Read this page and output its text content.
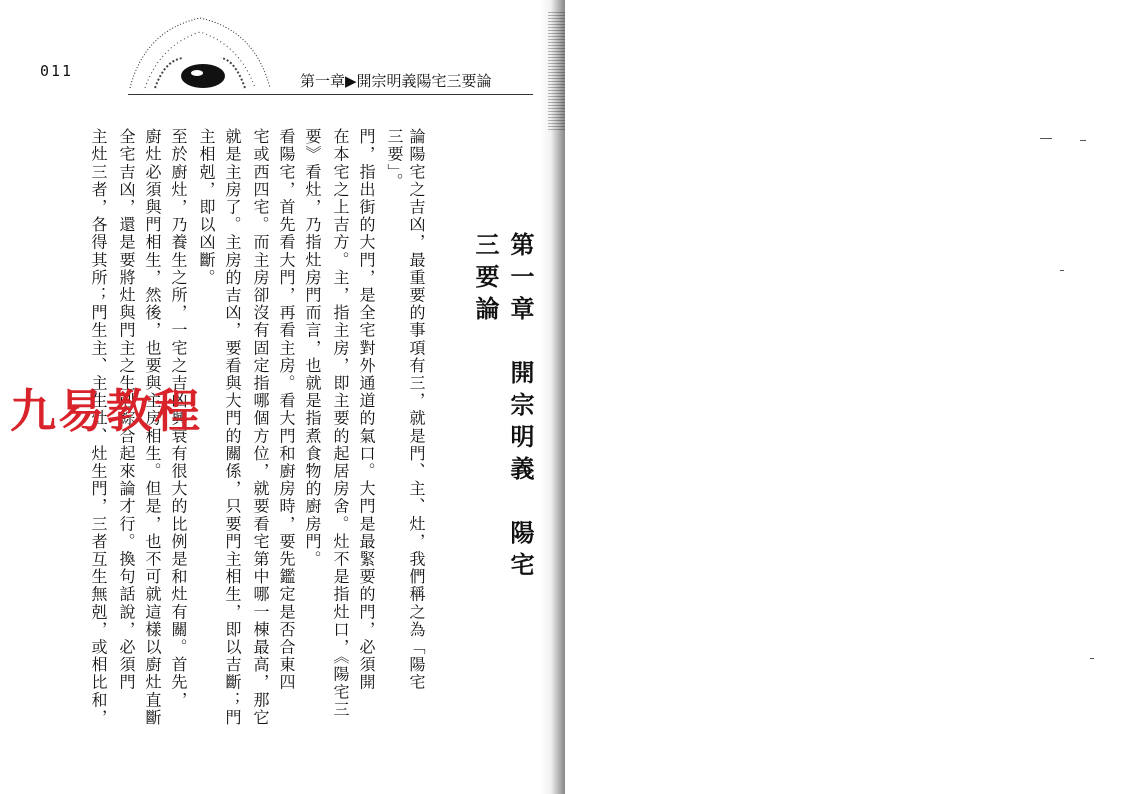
011
第一章▶開宗明義陽宅三要論
第一章　開宗明義　陽宅三要論
論陽宅之吉凶，最重要的事項有三，就是門、主、灶，我們稱之為「陽宅
三要」。
門，指出街的大門，是全宅對外通道的氣口。大門是最緊要的門，必須開
在本宅之上吉方。主，指主房，即主要的起居房舍。灶不是指灶口，《陽宅三
要》看灶，乃指灶房門而言，也就是指煮食物的廚房門。
看陽宅，首先看大門，再看主房。看大門和廚房時，要先鑑定是否合東四
宅或西四宅。而主房卻沒有固定指哪個方位，就要看宅第中哪一棟最高，那它
就是主房了。主房的吉凶，要看與大門的關係，只要門主相生，即以吉斷；門
主相剋，即以凶斷。
至於廚灶，乃養生之所，一宅之吉凶興衰有很大的比例是和灶有關。首先，
廚灶必須與門相生，然後，也要與主房相生。但是，也不可就這樣以廚灶直斷
全宅吉凶，還是要將灶與門主之生剋綜合起來論才行。換句話說，必須門
主灶三者，各得其所；門生主、主生灶、灶生門，三者互生無剋，或相比和，
九易教程
